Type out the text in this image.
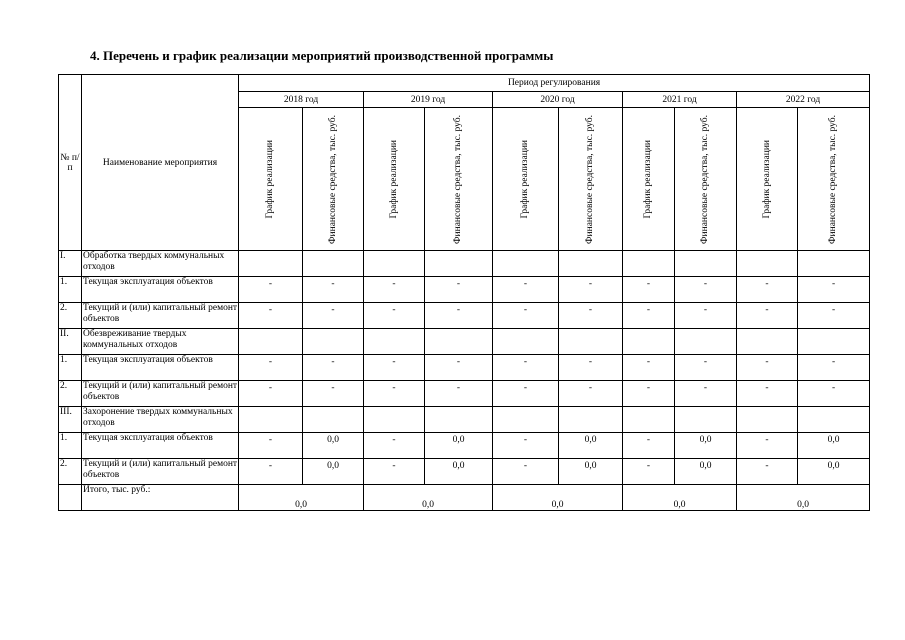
4. Перечень и график реализации мероприятий производственной программы
№ п/п	Наименование мероприятия	Период регулирования									
		2018 год		2019 год		2020 год		2021 год		2022 год	

		График реализации	Финансовые средства, тыс. руб.	График реализации	Финансовые средства, тыс. руб.	График реализации	Финансовые средства, тыс. руб.	График реализации	Финансовые средства, тыс. руб.	График реализации	Финансовые средства, тыс. руб.

I.	Обработка твердых коммунальных отходов										
1.	Текущая эксплуатация объектов	-	-	-	-	-	-	-	-	-	-
2.	Текущий и (или) капитальный ремонт объектов	-	-	-	-	-	-	-	-	-	-
II.	Обезвреживание твердых коммунальных отходов										
1.	Текущая эксплуатация объектов	-	-	-	-	-	-	-	-	-	-
2.	Текущий и (или) капитальный ремонт объектов	-	-	-	-	-	-	-	-	-	-
III.	Захоронение твердых коммунальных отходов										
1.	Текущая эксплуатация объектов	-	0,0	-	0,0	-	0,0	-	0,0	-	0,0
2.	Текущий и (или) капитальный ремонт объектов	-	0,0	-	0,0	-	0,0	-	0,0	-	0,0
	Итого, тыс. руб.:	0,0		0,0		0,0		0,0		0,0	
